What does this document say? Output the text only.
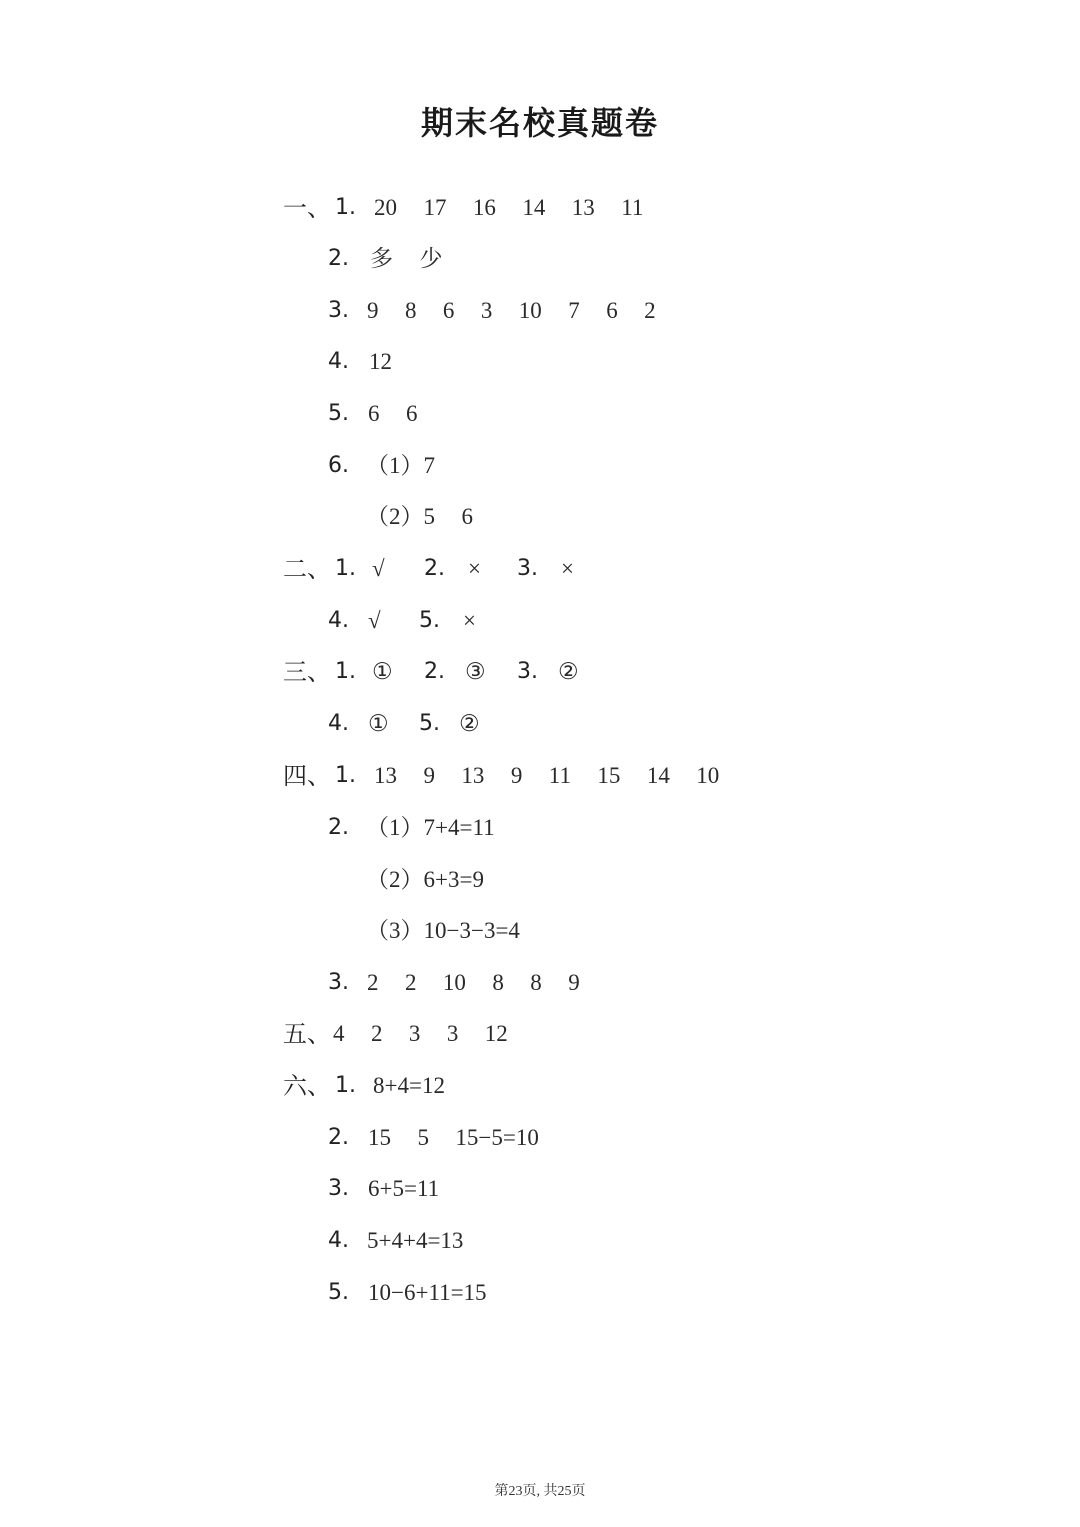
期末名校真题卷
一、 1. 20 17 16 14 13 11
2. 多 少
3. 9 8 6 3 10 7 6 2
4. 12
5. 6 6
6. （1）7
（2）5 6
二、 1. √ 2. × 3. ×
4. √ 5. ×
三、 1. ① 2. ③ 3. ②
4. ① 5. ②
四、 1. 13 9 13 9 11 15 14 10
2. （1）7+4=11
（2）6+3=9
（3）10−3−3=4
3. 2 2 10 8 8 9
五、 4 2 3 3 12
六、 1. 8+4=12
2. 15 5 15−5=10
3. 6+5=11
4. 5+4+4=13
5. 10−6+11=15
第23页, 共25页
